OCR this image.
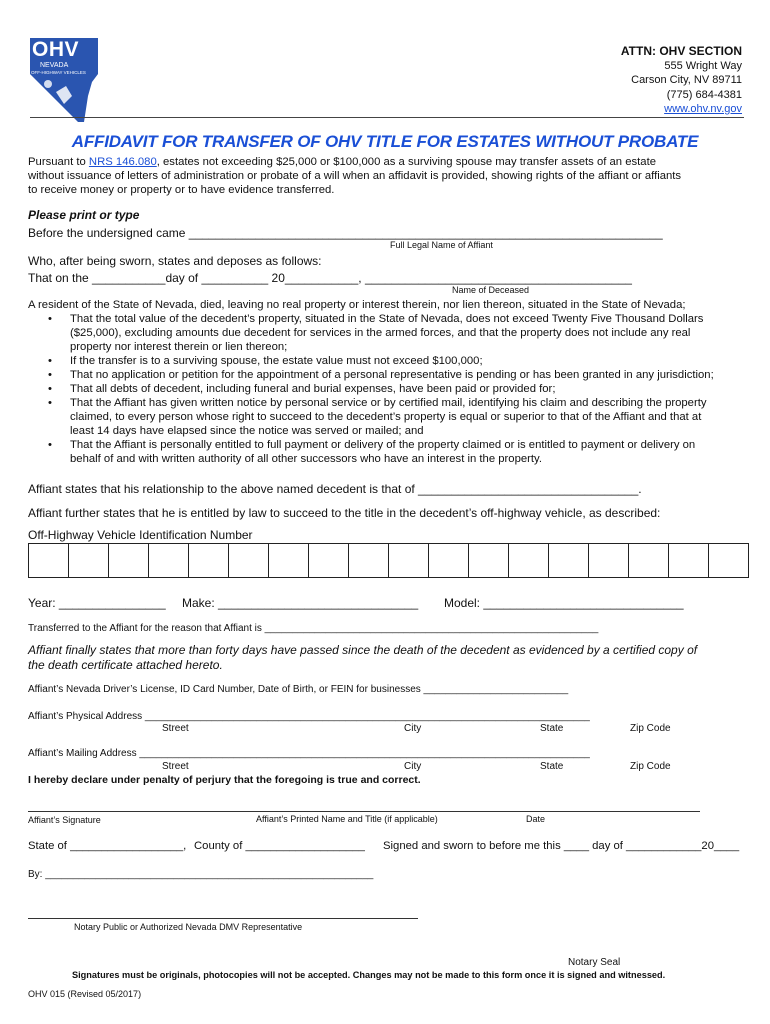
OHV
NEVADA
OFF-HIGHWAY VEHICLES
ATTN: OHV SECTION
555 Wright Way
Carson City, NV 89711
(775) 684-4381
www.ohv.nv.gov
AFFIDAVIT FOR TRANSFER OF OHV TITLE FOR ESTATES WITHOUT PROBATE
Pursuant to NRS 146.080, estates not exceeding $25,000 or $100,000 as a surviving spouse may transfer assets of an estate
without issuance of letters of administration or probate of a will when an affidavit is provided, showing rights of the affiant or affiants
to receive money or property or to have evidence transferred.
Please print or type
Before the undersigned came _______________________________________________________________________
Full Legal Name of Affiant
Who, after being sworn, states and deposes as follows:
That on the ___________day of __________ 20___________, ________________________________________
Name of Deceased
A resident of the State of Nevada, died, leaving no real property or interest therein, nor lien thereon, situated in the State of Nevada;
• That the total value of the decedent’s property, situated in the State of Nevada, does not exceed Twenty Five Thousand Dollars
($25,000), excluding amounts due decedent for services in the armed forces, and that the property does not include any real
property nor interest therein or lien thereon;
• If the transfer is to a surviving spouse, the estate value must not exceed $100,000;
• That no application or petition for the appointment of a personal representative is pending or has been granted in any jurisdiction;
• That all debts of decedent, including funeral and burial expenses, have been paid or provided for;
• That the Affiant has given written notice by personal service or by certified mail, identifying his claim and describing the property
claimed, to every person whose right to succeed to the decedent’s property is equal or superior to that of the Affiant and that at
least 14 days have elapsed since the notice was served or mailed; and
• That the Affiant is personally entitled to full payment or delivery of the property claimed or is entitled to payment or delivery on
behalf of and with written authority of all other successors who have an interest in the property.
Affiant states that his relationship to the above named decedent is that of _________________________________.
Affiant further states that he is entitled by law to succeed to the title in the decedent’s off-highway vehicle, as described:
Off-Highway Vehicle Identification Number

Year: ________________ Make: ______________________________ Model: ______________________________
Transferred to the Affiant for the reason that Affiant is ____________________________________________________________
Affiant finally states that more than forty days have passed since the death of the decedent as evidenced by a certified copy of
the death certificate attached hereto.
Affiant’s Nevada Driver’s License, ID Card Number, Date of Birth, or FEIN for businesses __________________________
Affiant’s Physical Address ________________________________________________________________________________
Street	City	State	Zip Code
Affiant’s Mailing Address _________________________________________________________________________________
Street	City	State	Zip Code
I hereby declare under penalty of perjury that the foregoing is true and correct.
Affiant’s Signature	Affiant’s Printed Name and Title (if applicable)	Date
State of __________________, County of ___________________ Signed and sworn to before me this ____ day of ____________20____
By: ___________________________________________________________
Notary Public or Authorized Nevada DMV Representative
Notary Seal
Signatures must be originals, photocopies will not be accepted. Changes may not be made to this form once it is signed and witnessed.
OHV 015 (Revised 05/2017)
